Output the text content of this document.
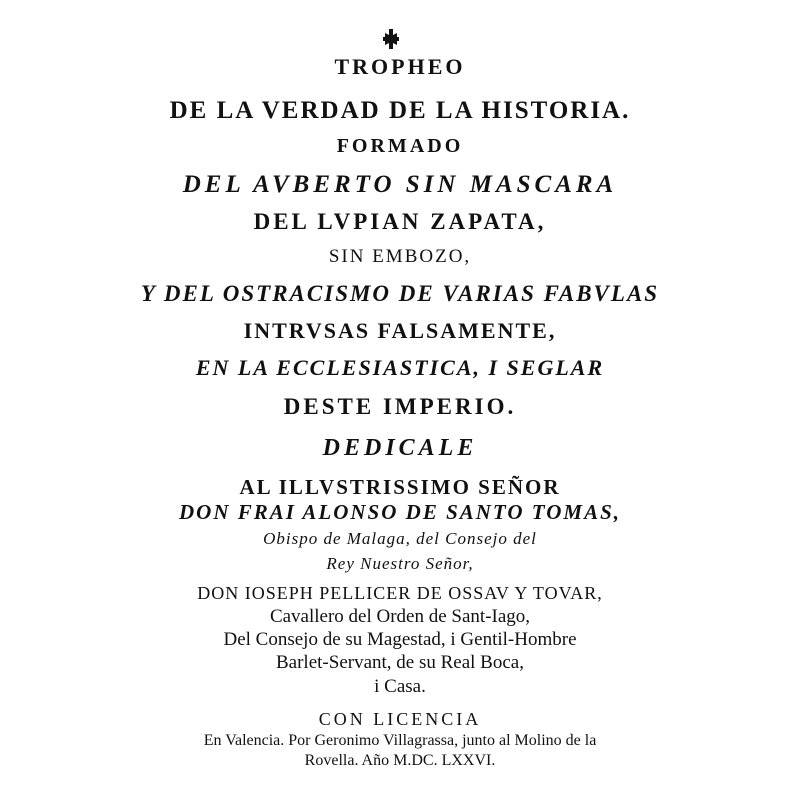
TROPHEO
DE LA VERDAD DE LA HISTORIA.
FORMADO
DEL AVBERTO SIN MASCARA
DEL LVPIAN ZAPATA,
SIN EMBOZO,
Y DEL OSTRACISMO DE VARIAS FABVLAS
INTRVSAS FALSAMENTE,
EN LA ECCLESIASTICA, I SEGLAR
DESTE IMPERIO.
DEDICALE
AL ILLVSTRISSIMO SEÑOR
DON FRAI ALONSO DE SANTO TOMAS,
Obispo de Malaga, del Consejo del
Rey Nuestro Señor,
DON IOSEPH PELLICER DE OSSAV Y TOVAR,
Cavallero del Orden de Sant-Iago,
Del Consejo de su Magestad, i Gentil-Hombre
Barlet-Servant, de su Real Boca,
i Casa.
CON LICENCIA
En Valencia. Por Geronimo Villagrassa, junto al Molino de la
Rovella. Año M.DC. LXXVI.
